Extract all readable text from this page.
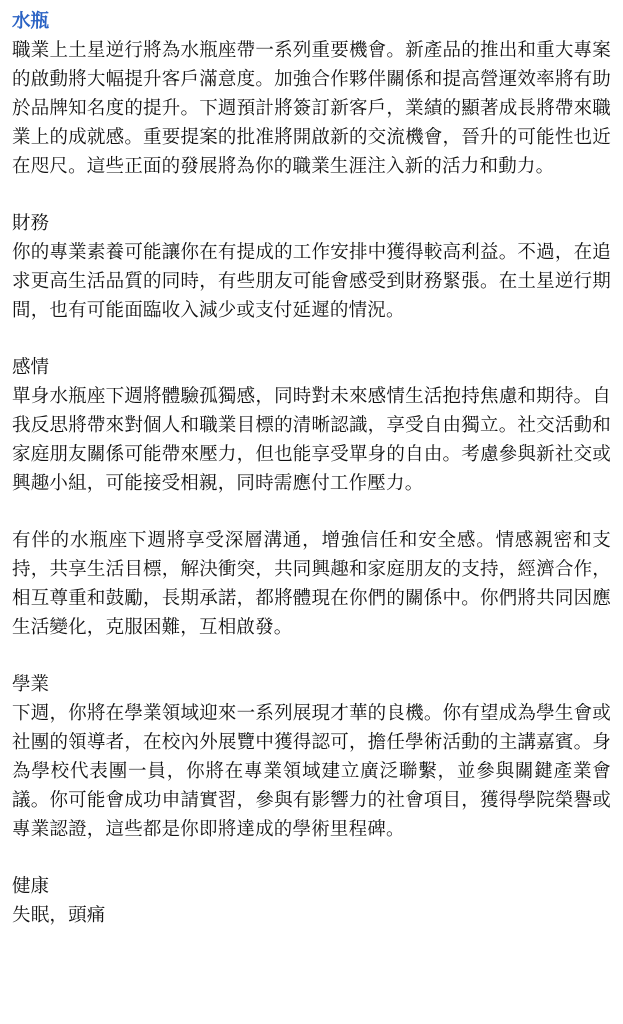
水瓶

職業上土星逆行將為水瓶座帶一系列重要機會。新產品的推出和重大專案的啟動將大幅提升客戶滿意度。加強合作夥伴關係和提高營運效率將有助於品牌知名度的提升。下週預計將簽訂新客戶，業績的顯著成長將帶來職業上的成就感。重要提案的批准將開啟新的交流機會，晉升的可能性也近在咫尺。這些正面的發展將為你的職業生涯注入新的活力和動力。

財務

你的專業素養可能讓你在有提成的工作安排中獲得較高利益。不過，在追求更高生活品質的同時，有些朋友可能會感受到財務緊張。在土星逆行期間，也有可能面臨收入減少或支付延遲的情況。

感情

單身水瓶座下週將體驗孤獨感，同時對未來感情生活抱持焦慮和期待。自我反思將帶來對個人和職業目標的清晰認識，享受自由獨立。社交活動和家庭朋友關係可能帶來壓力，但也能享受單身的自由。考慮參與新社交或興趣小組，可能接受相親，同時需應付工作壓力。

有伴的水瓶座下週將享受深層溝通，增強信任和安全感。情感親密和支持，共享生活目標，解決衝突，共同興趣和家庭朋友的支持，經濟合作，相互尊重和鼓勵，長期承諾，都將體現在你們的關係中。你們將共同因應生活變化，克服困難，互相啟發。

學業

下週，你將在學業領域迎來一系列展現才華的良機。你有望成為學生會或社團的領導者，在校內外展覽中獲得認可，擔任學術活動的主講嘉賓。身為學校代表團一員，你將在專業領域建立廣泛聯繫，並參與關鍵產業會議。你可能會成功申請實習，參與有影響力的社會項目，獲得學院榮譽或專業認證，這些都是你即將達成的學術里程碑。

健康

失眠，頭痛
